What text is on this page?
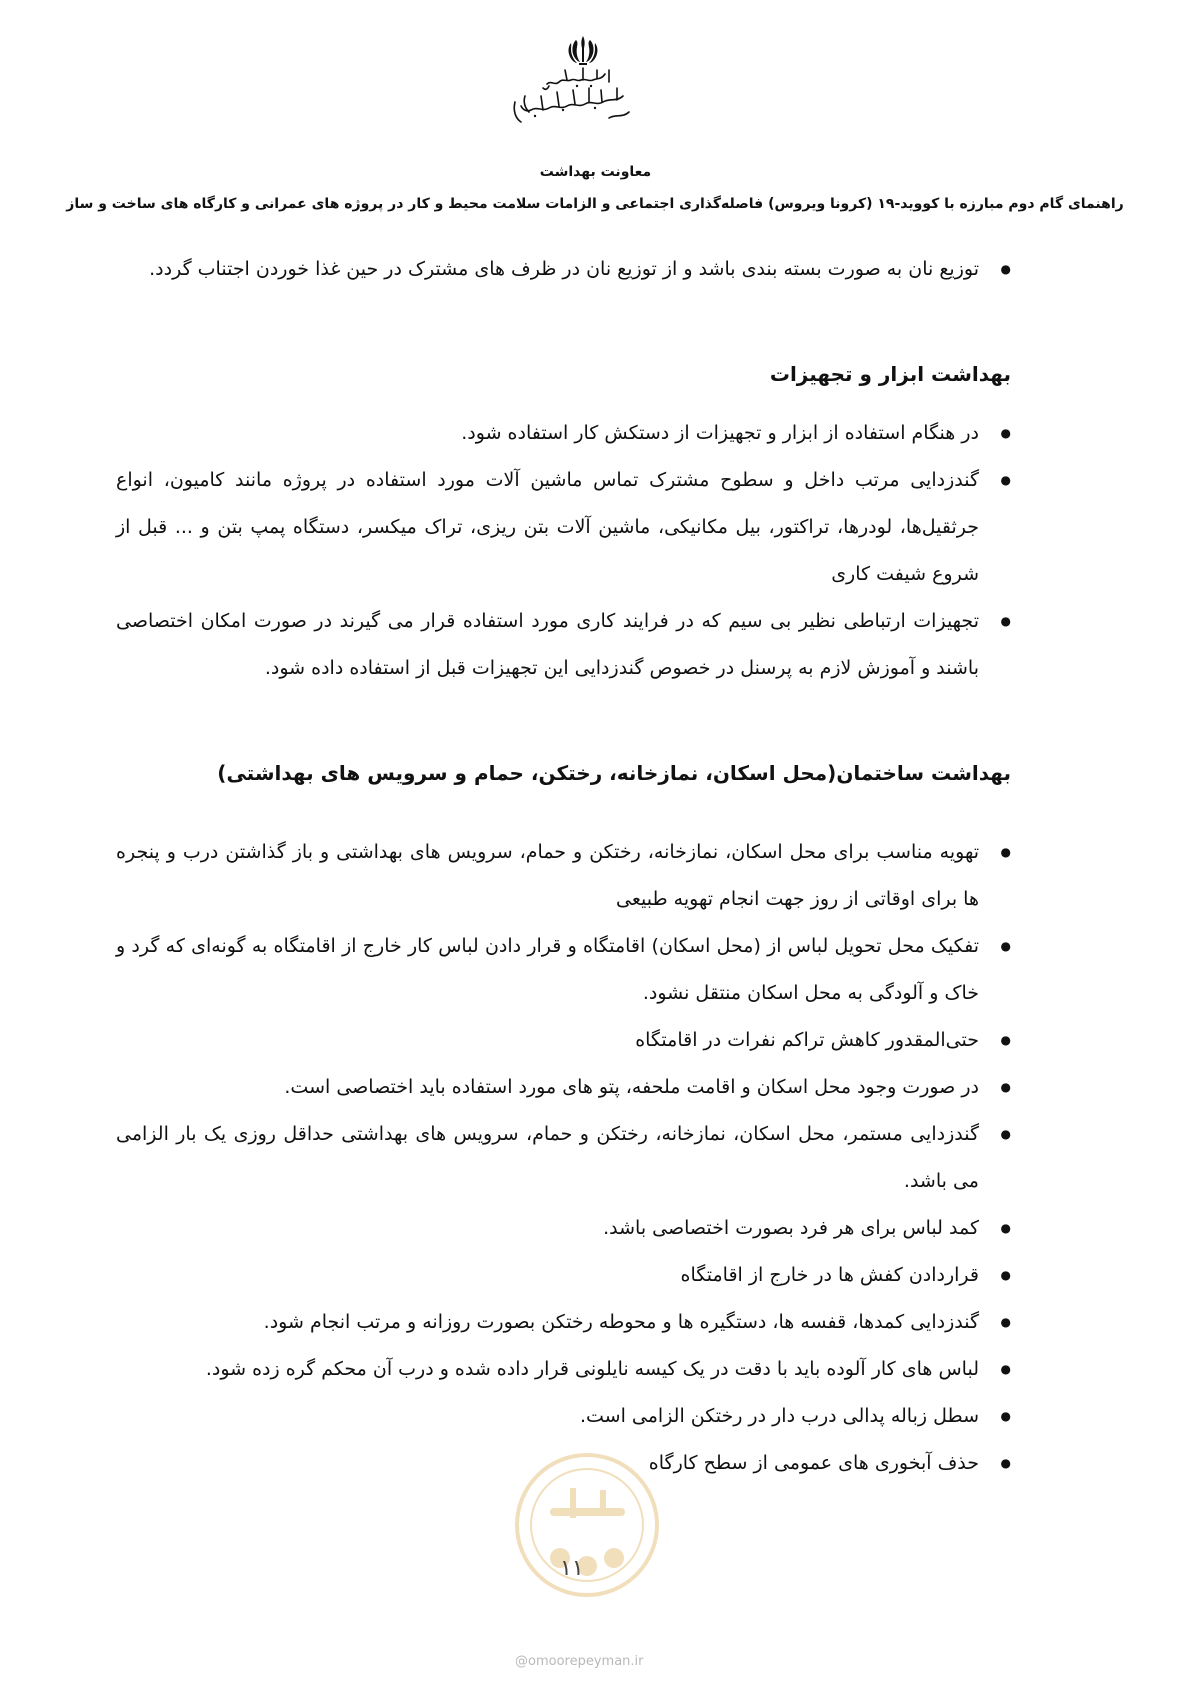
معاونت بهداشت
راهنمای گام دوم مبارزه با کووید-۱۹ (کرونا ویروس) فاصله‌گذاری اجتماعی و الزامات سلامت محیط و کار در پروژه های عمرانی و کارگاه های ساخت و ساز
● توزیع نان به صورت بسته بندی باشد و از توزیع نان در ظرف های مشترک در حین غذا خوردن اجتناب گردد.
بهداشت ابزار و تجهیزات
● در هنگام استفاده از ابزار و تجهیزات از دستکش کار استفاده شود.
● گندزدایی مرتب داخل و سطوح مشترک تماس ماشین آلات مورد استفاده در پروژه مانند کامیون، انواع جرثقیل‌ها، لودرها، تراکتور، بیل مکانیکی، ماشین آلات بتن ریزی، تراک میکسر، دستگاه پمپ بتن و ... قبل از شروع شیفت کاری
● تجهیزات ارتباطی نظیر بی سیم که در فرایند کاری مورد استفاده قرار می گیرند در صورت امکان اختصاصی باشند و آموزش لازم به پرسنل در خصوص گندزدایی این تجهیزات قبل از استفاده داده شود.
بهداشت ساختمان(محل اسکان، نمازخانه، رختکن، حمام و سرویس های بهداشتی)
● تهویه مناسب برای محل اسکان، نمازخانه، رختکن و حمام، سرویس های بهداشتی و باز گذاشتن درب و پنجره ها برای اوقاتی از روز جهت انجام تهویه طبیعی
● تفکیک محل تحویل لباس از (محل اسکان) اقامتگاه و قرار دادن لباس کار خارج از اقامتگاه به گونه‌ای که گرد و خاک و آلودگی به محل اسکان منتقل نشود.
● حتی‌المقدور کاهش تراکم نفرات در اقامتگاه
● در صورت وجود محل اسکان و اقامت ملحفه، پتو های مورد استفاده باید اختصاصی است.
● گندزدایی مستمر، محل اسکان، نمازخانه، رختکن و حمام، سرویس های بهداشتی حداقل روزی یک بار الزامی می باشد.
● کمد لباس برای هر فرد بصورت اختصاصی باشد.
● قراردادن کفش ها در خارج از اقامتگاه
● گندزدایی کمدها، قفسه ها، دستگیره ها و محوطه رختکن بصورت روزانه و مرتب انجام شود.
● لباس های کار آلوده باید با دقت در یک کیسه نایلونی قرار داده شده و درب آن محکم گره زده شود.
● سطل زباله پدالی درب دار در رختکن الزامی است.
● حذف آبخوری های عمومی از سطح کارگاه
۱۱
@omoorepeyman.ir
